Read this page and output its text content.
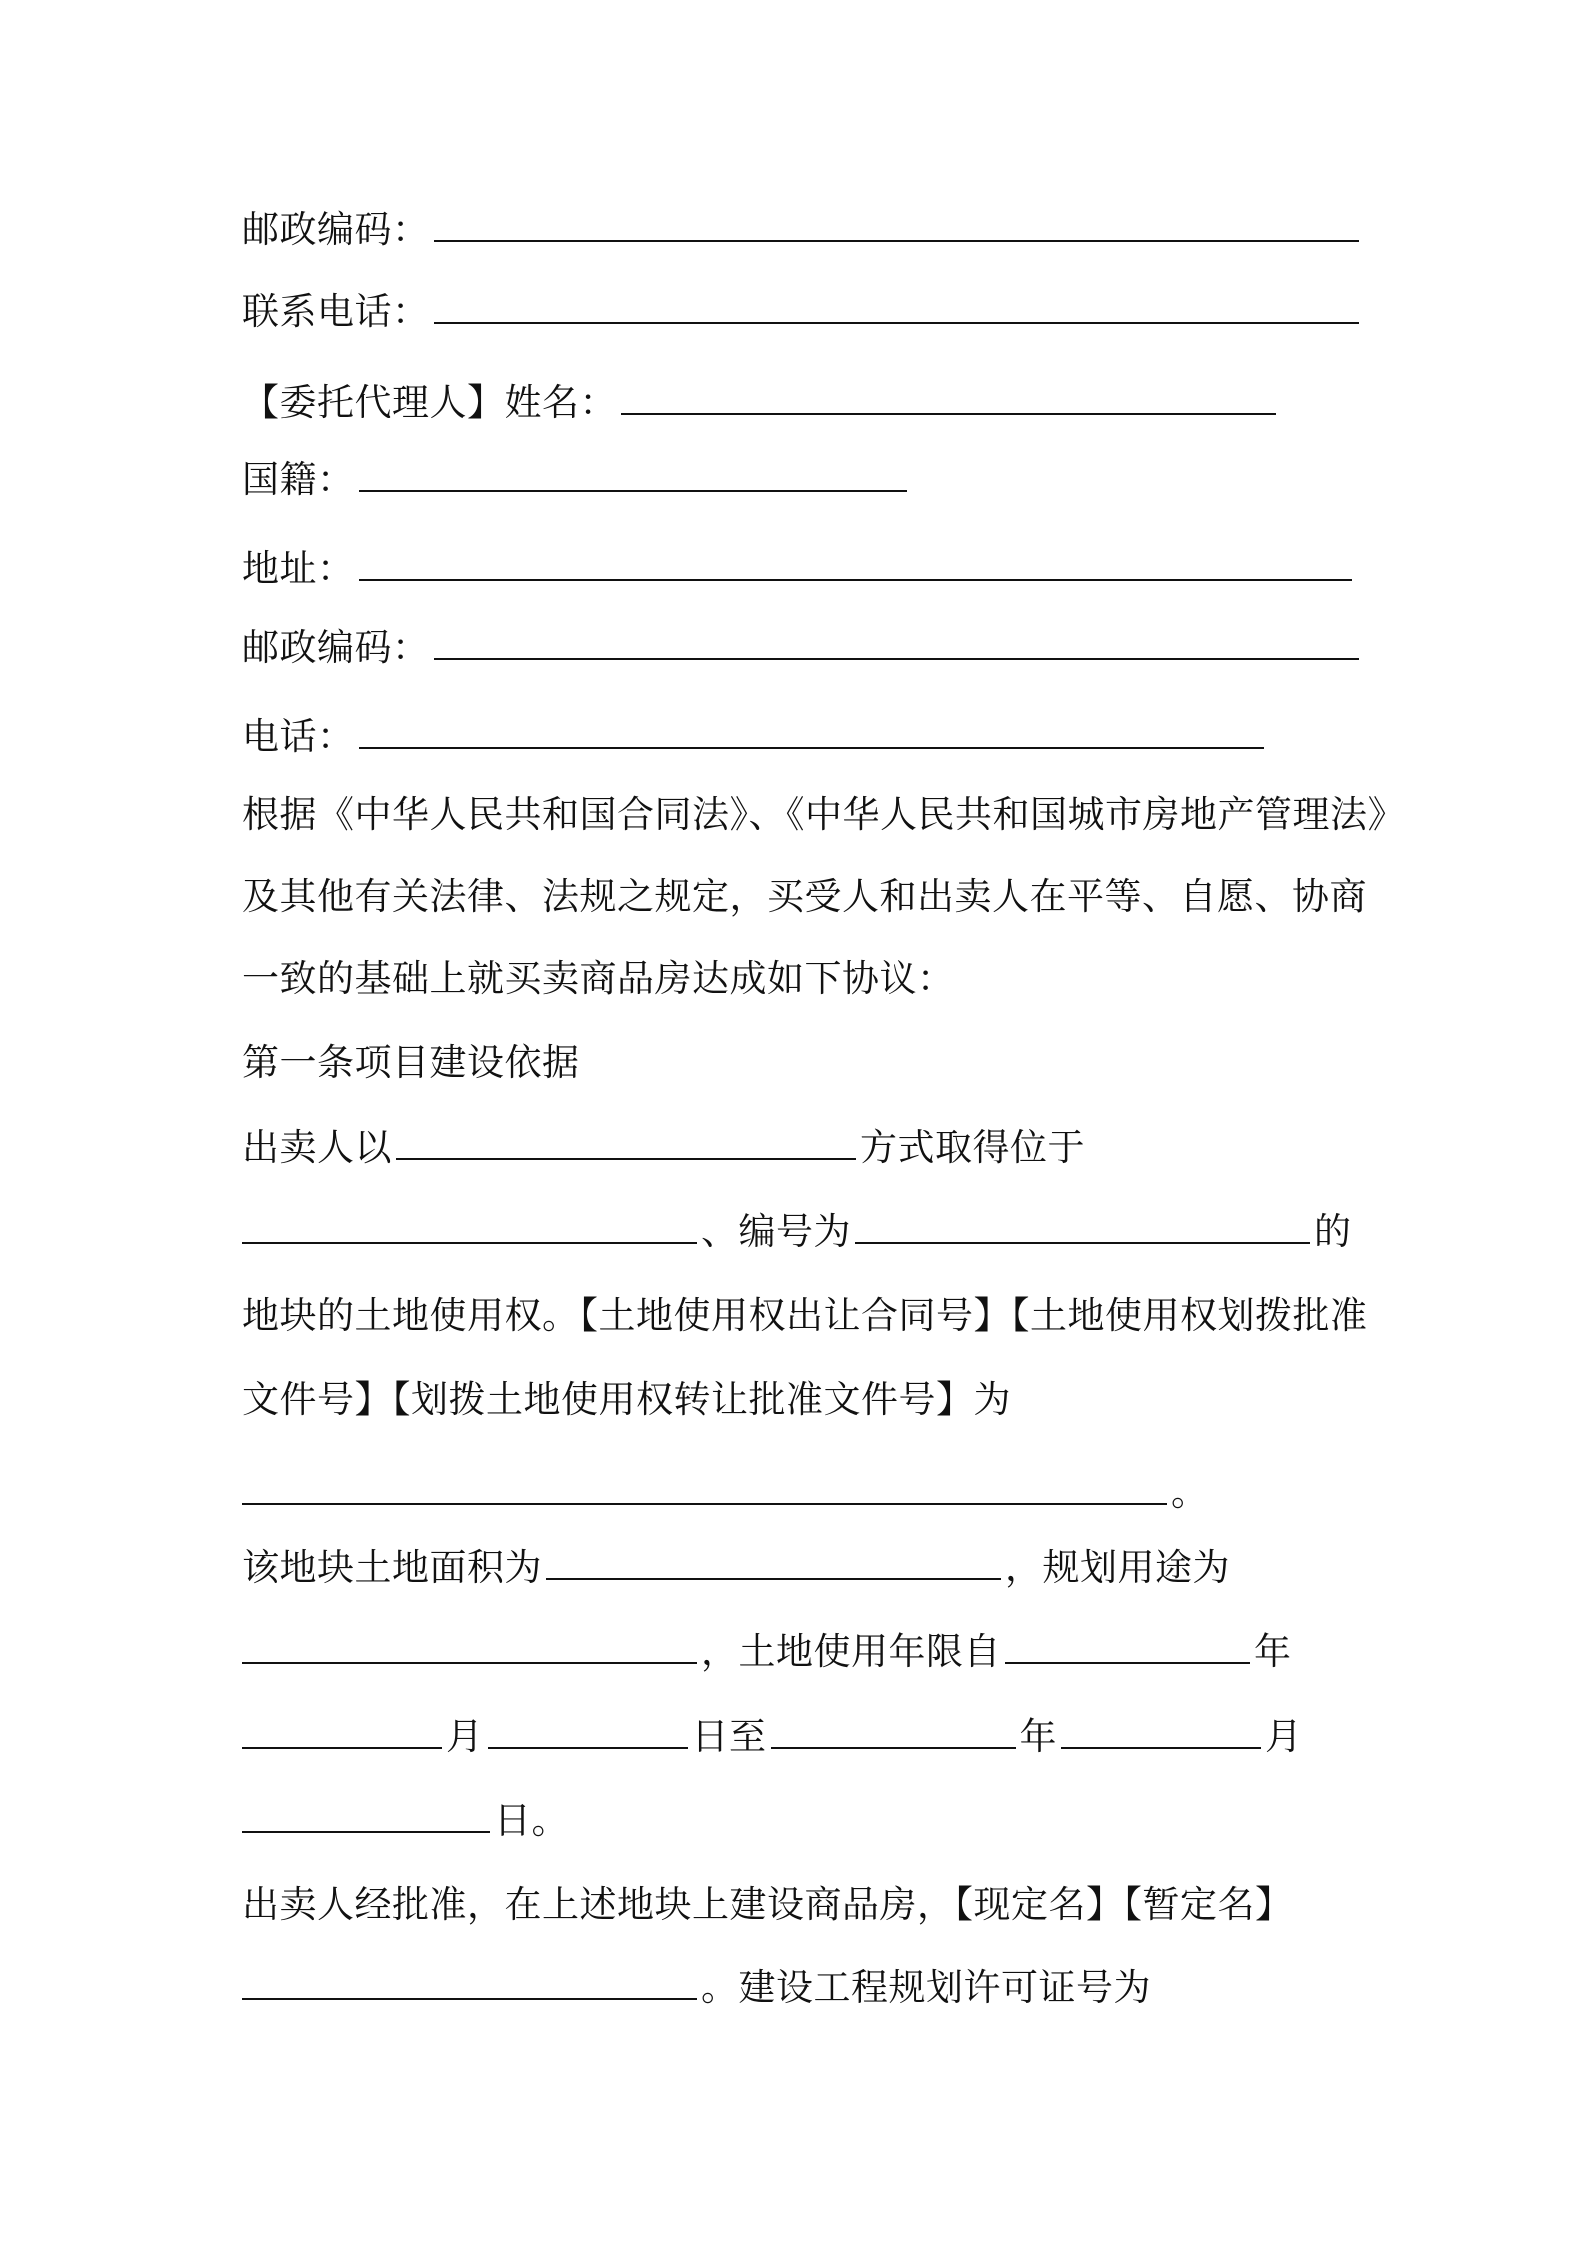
邮政编码：
联系电话：
【委托代理人】姓名：
国籍：
地址：
邮政编码：
电话：
根据《中华人民共和国合同法》、《中华人民共和国城市房地产管理法》
及其他有关法律、法规之规定，买受人和出卖人在平等、自愿、协商
一致的基础上就买卖商品房达成如下协议：
第一条项目建设依据
出卖人以	方式取得位于
、编号为	的
地块的土地使用权。【土地使用权出让合同号】【土地使用权划拨批准
文件号】【划拨土地使用权转让批准文件号】为
。
该地块土地面积为	，规划用途为
，土地使用年限自	年
月	日至	年	月
日。
出卖人经批准，在上述地块上建设商品房，【现定名】【暂定名】
。建设工程规划许可证号为
